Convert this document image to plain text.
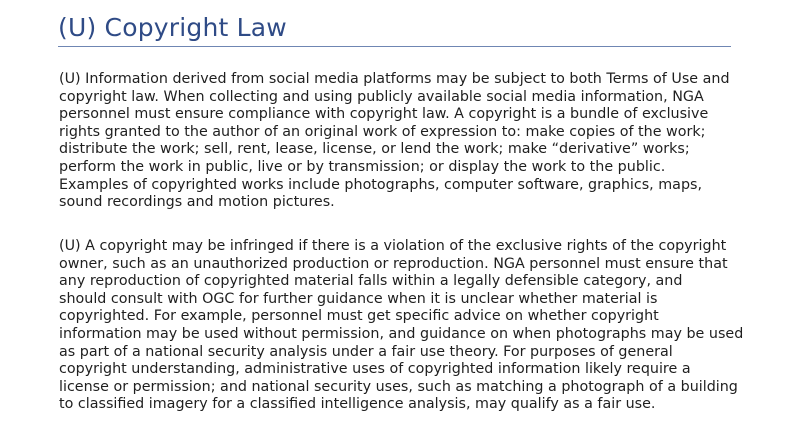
(U) Copyright Law

(U) Information derived from social media platforms may be subject to both Terms of Use and
copyright law. When collecting and using publicly available social media information, NGA
personnel must ensure compliance with copyright law. A copyright is a bundle of exclusive
rights granted to the author of an original work of expression to: make copies of the work;
distribute the work; sell, rent, lease, license, or lend the work; make “derivative” works;
perform the work in public, live or by transmission; or display the work to the public.
Examples of copyrighted works include photographs, computer software, graphics, maps,
sound recordings and motion pictures.

(U) A copyright may be infringed if there is a violation of the exclusive rights of the copyright
owner, such as an unauthorized production or reproduction. NGA personnel must ensure that
any reproduction of copyrighted material falls within a legally defensible category, and
should consult with OGC for further guidance when it is unclear whether material is
copyrighted. For example, personnel must get specific advice on whether copyright
information may be used without permission, and guidance on when photographs may be used
as part of a national security analysis under a fair use theory. For purposes of general
copyright understanding, administrative uses of copyrighted information likely require a
license or permission; and national security uses, such as matching a photograph of a building
to classified imagery for a classified intelligence analysis, may qualify as a fair use.
